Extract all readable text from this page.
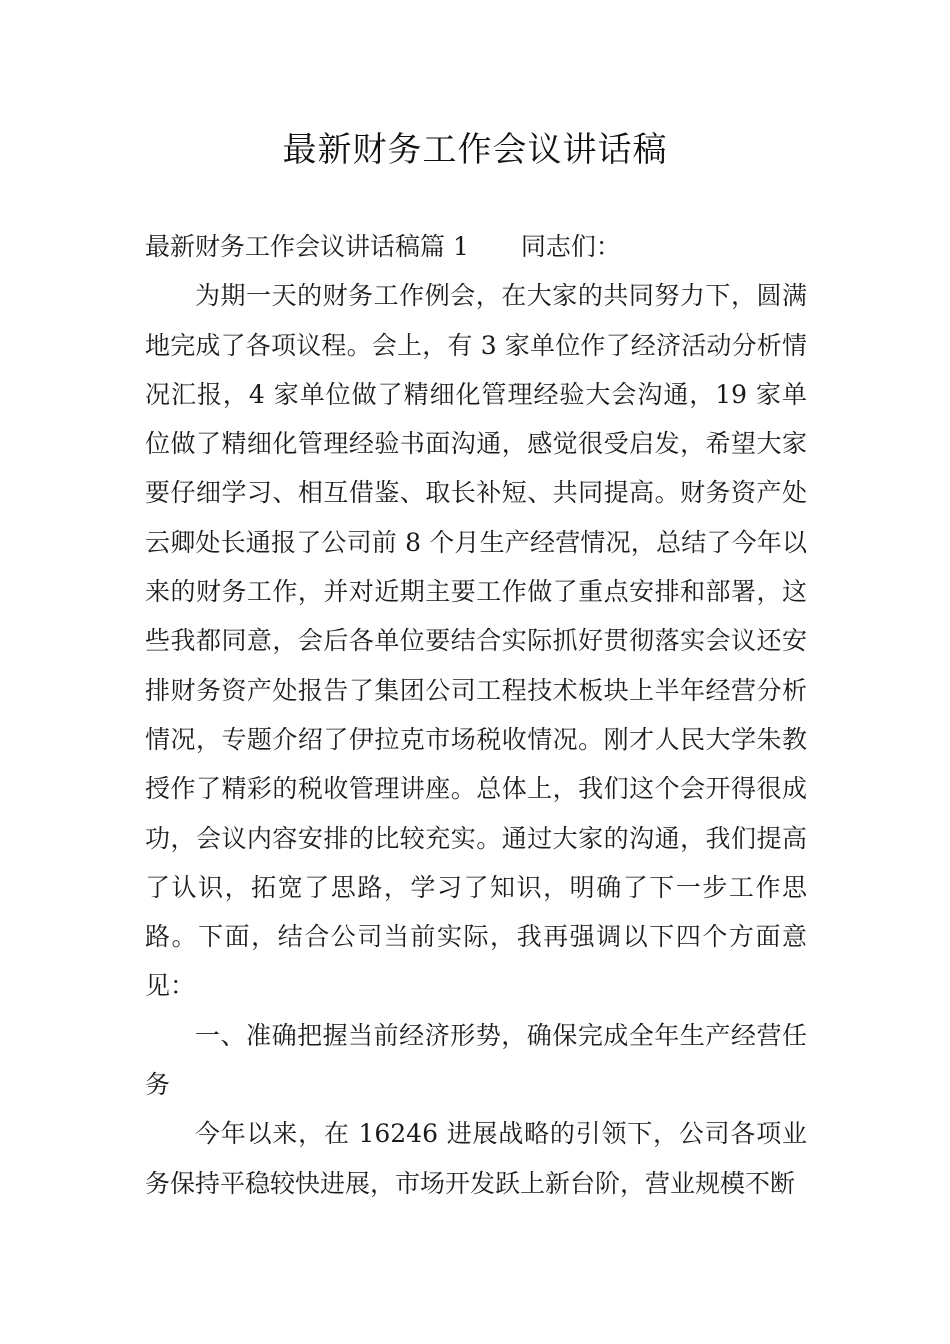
最新财务工作会议讲话稿

最新财务工作会议讲话稿篇 1 同志们：

为期一天的财务工作例会，在大家的共同努力下，圆满地完成了各项议程。会上，有 3 家单位作了经济活动分析情况汇报，4 家单位做了精细化管理经验大会沟通，19 家单位做了精细化管理经验书面沟通，感觉很受启发，希望大家要仔细学习、相互借鉴、取长补短、共同提高。财务资产处云卿处长通报了公司前 8 个月生产经营情况，总结了今年以来的财务工作，并对近期主要工作做了重点安排和部署，这些我都同意，会后各单位要结合实际抓好贯彻落实会议还安排财务资产处报告了集团公司工程技术板块上半年经营分析情况，专题介绍了伊拉克市场税收情况。刚才人民大学朱教授作了精彩的税收管理讲座。总体上，我们这个会开得很成功，会议内容安排的比较充实。通过大家的沟通，我们提高了认识，拓宽了思路，学习了知识，明确了下一步工作思路。下面，结合公司当前实际，我再强调以下四个方面意见：

一、准确把握当前经济形势，确保完成全年生产经营任务

今年以来，在 16246 进展战略的引领下，公司各项业务保持平稳较快进展，市场开发跃上新台阶，营业规模不断
